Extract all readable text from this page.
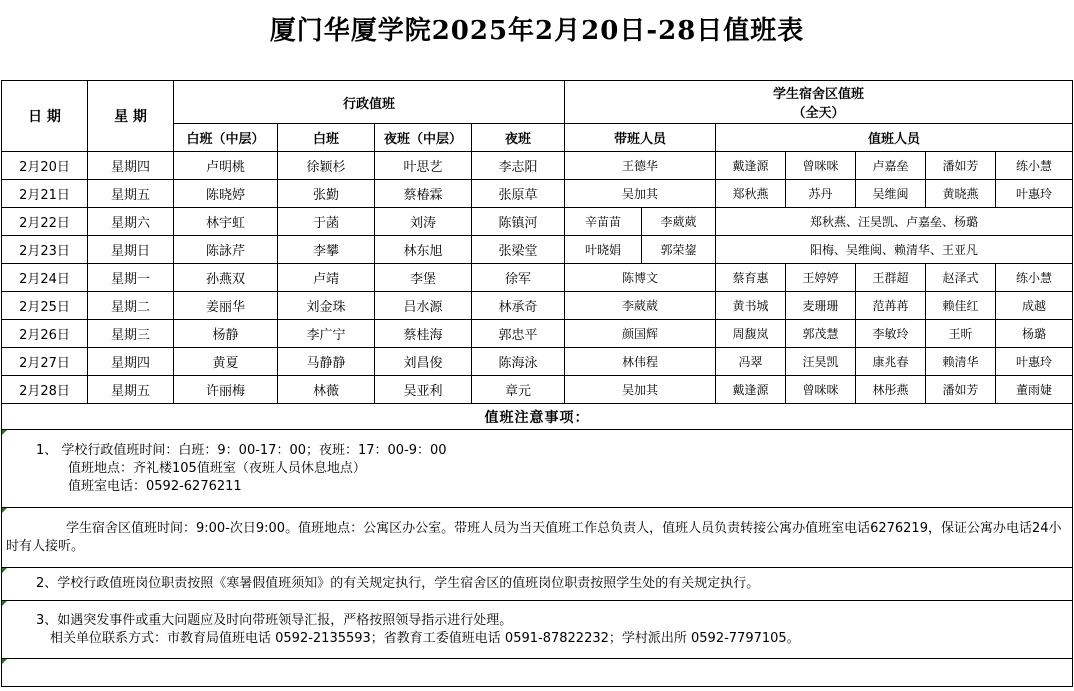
厦门华厦学院2025年2月20日-28日值班表
日 期	星 期	行政值班				学生宿舍区值班
（全天）						

		白班（中层）	白班	夜班（中层）	夜班	带班人员		值班人员				
2月20日	星期四	卢明桃	徐颖杉	叶思艺	李志阳	王德华		戴逢源	曾咪咪	卢嘉垒	潘如芳	练小慧
2月21日	星期五	陈晓婷	张勤	蔡椿霖	张原草	吴加其		郑秋燕	苏丹	吴维闽	黄晓燕	叶惠玲
2月22日	星期六	林宇虹	于菡	刘涛	陈镇河	辛苗苗	李葳葳	郑秋燕、汪昊凯、卢嘉垒、杨璐				
2月23日	星期日	陈詠芹	李攀	林东旭	张梁堂	叶晓娟	郭荣鋆	阳梅、吴维闽、赖清华、王亚凡				
2月24日	星期一	孙燕双	卢靖	李堡	徐军	陈博文		蔡育惠	王婷婷	王群超	赵泽式	练小慧
2月25日	星期二	姜丽华	刘金珠	吕水源	林承奇	李葳葳		黄书城	麦珊珊	范苒苒	赖佳红	成越
2月26日	星期三	杨静	李广宁	蔡桂海	郭忠平	颜国辉		周馥岚	郭茂慧	李敏玲	王昕	杨璐
2月27日	星期四	黄夏	马静静	刘昌俊	陈海泳	林伟程		冯翠	汪昊凯	康兆春	赖清华	叶惠玲
2月28日	星期五	许丽梅	林薇	吴亚利	章元	吴加其		戴逢源	曾咪咪	林彤燕	潘如芳	董雨婕
值班注意事项：												

1、 学校行政值班时间：白班：9：00-17：00；夜班：17：00-9：00
值班地点：齐礼楼105值班室（夜班人员休息地点）
值班室电话：0592-6276211												

学生宿舍区值班时间：9:00-次日9:00。值班地点：公寓区办公室。带班人员为当天值班工作总负责人，值班人员负责转接公寓办值班室电话6276219，保证公寓办电话24小时有人接听。												

2、学校行政值班岗位职责按照《寒暑假值班须知》的有关规定执行，学生宿舍区的值班岗位职责按照学生处的有关规定执行。												

3、如遇突发事件或重大问题应及时向带班领导汇报，严格按照领导指示进行处理。
相关单位联系方式：市教育局值班电话 0592-2135593；省教育工委值班电话 0591-87822232；学村派出所 0592-7797105。												
